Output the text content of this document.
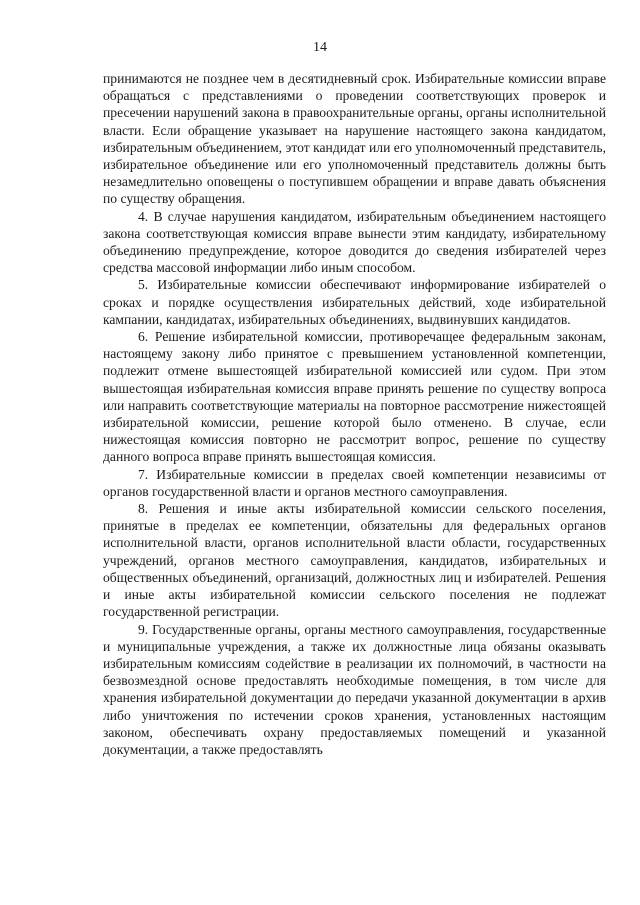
14

принимаются не позднее чем в десятидневный срок. Избирательные комиссии вправе обращаться с представлениями о проведении соответствующих проверок и пресечении нарушений закона в правоохранительные органы, органы исполнительной власти. Если обращение указывает на нарушение настоящего закона кандидатом, избирательным объединением, этот кандидат или его уполномоченный представитель, избирательное объединение или его уполномоченный представитель должны быть незамедлительно оповещены о поступившем обращении и вправе давать объяснения по существу обращения.

4. В случае нарушения кандидатом, избирательным объединением настоящего закона соответствующая комиссия вправе вынести этим кандидату, избирательному объединению предупреждение, которое доводится до сведения избирателей через средства массовой информации либо иным способом.

5. Избирательные комиссии обеспечивают информирование избирателей о сроках и порядке осуществления избирательных действий, ходе избирательной кампании, кандидатах, избирательных объединениях, выдвинувших кандидатов.

6. Решение избирательной комиссии, противоречащее федеральным законам, настоящему закону либо принятое с превышением установленной компетенции, подлежит отмене вышестоящей избирательной комиссией или судом. При этом вышестоящая избирательная комиссия вправе принять решение по существу вопроса или направить соответствующие материалы на повторное рассмотрение нижестоящей избирательной комиссии, решение которой было отменено. В случае, если нижестоящая комиссия повторно не рассмотрит вопрос, решение по существу данного вопроса вправе принять вышестоящая комиссия.

7. Избирательные комиссии в пределах своей компетенции независимы от органов государственной власти и органов местного самоуправления.

8. Решения и иные акты избирательной комиссии сельского поселения, принятые в пределах ее компетенции, обязательны для федеральных органов исполнительной власти, органов исполнительной власти области, государственных учреждений, органов местного самоуправления, кандидатов, избирательных и общественных объединений, организаций, должностных лиц и избирателей. Решения и иные акты избирательной комиссии сельского поселения не подлежат государственной регистрации.

9. Государственные органы, органы местного самоуправления, государственные и муниципальные учреждения, а также их должностные лица обязаны оказывать избирательным комиссиям содействие в реализации их полномочий, в частности на безвозмездной основе предоставлять необходимые помещения, в том числе для хранения избирательной документации до передачи указанной документации в архив либо уничтожения по истечении сроков хранения, установленных настоящим законом, обеспечивать охрану предоставляемых помещений и указанной документации, а также предоставлять
